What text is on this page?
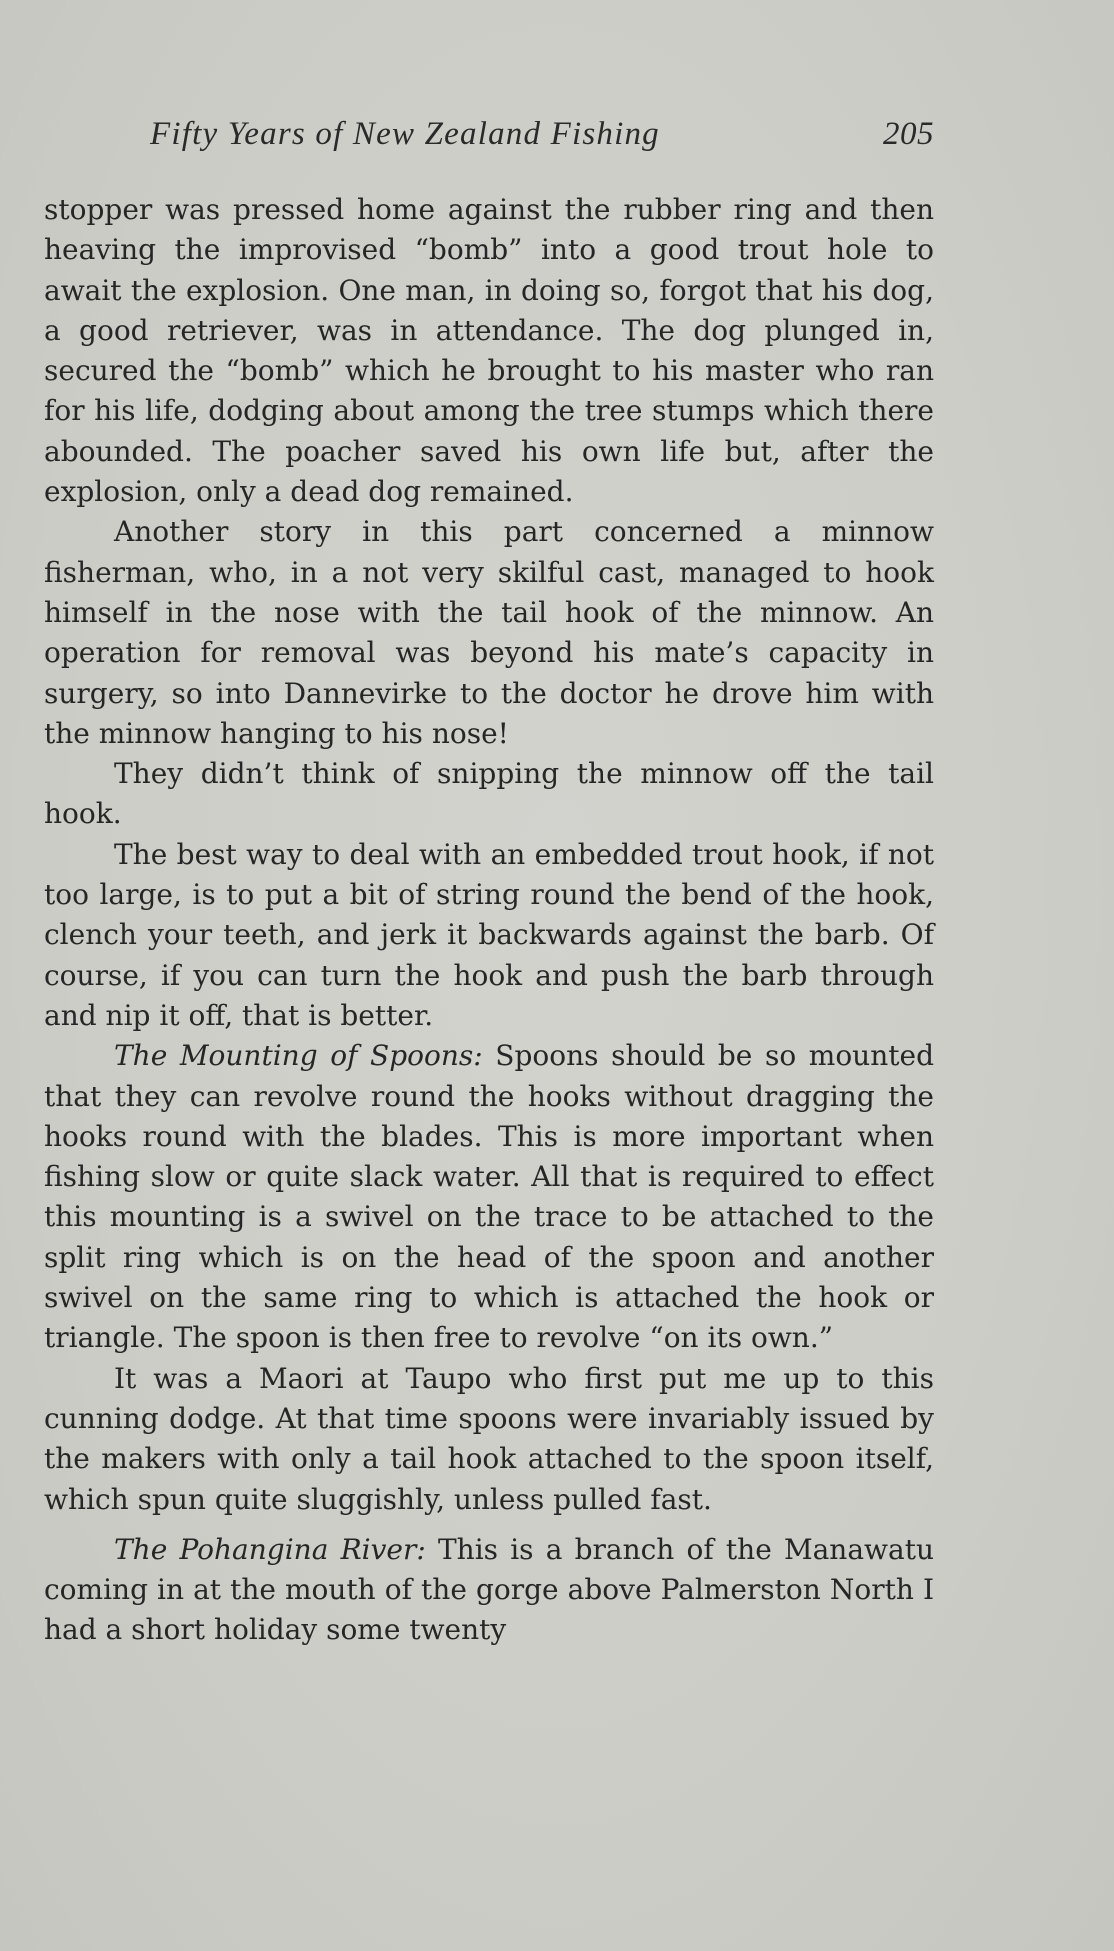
Fifty Years of New Zealand Fishing	205

stopper was pressed home against the rubber ring and then heaving the improvised “bomb” into a good trout hole to await the explosion. One man, in doing so, forgot that his dog, a good retriever, was in attendance. The dog plunged in, secured the “bomb” which he brought to his master who ran for his life, dodging about among the tree stumps which there abounded. The poacher saved his own life but, after the explosion, only a dead dog remained.

Another story in this part concerned a minnow fisherman, who, in a not very skilful cast, managed to hook himself in the nose with the tail hook of the minnow. An operation for removal was beyond his mate’s capacity in surgery, so into Dannevirke to the doctor he drove him with the minnow hanging to his nose!

They didn’t think of snipping the minnow off the tail hook.

The best way to deal with an embedded trout hook, if not too large, is to put a bit of string round the bend of the hook, clench your teeth, and jerk it backwards against the barb. Of course, if you can turn the hook and push the barb through and nip it off, that is better.

The Mounting of Spoons: Spoons should be so mounted that they can revolve round the hooks without dragging the hooks round with the blades. This is more important when fishing slow or quite slack water. All that is required to effect this mounting is a swivel on the trace to be attached to the split ring which is on the head of the spoon and another swivel on the same ring to which is attached the hook or triangle. The spoon is then free to revolve “on its own.”

It was a Maori at Taupo who first put me up to this cunning dodge. At that time spoons were invariably issued by the makers with only a tail hook attached to the spoon itself, which spun quite sluggishly, unless pulled fast.

The Pohangina River: This is a branch of the Manawatu coming in at the mouth of the gorge above Palmerston North I had a short holiday some twenty
